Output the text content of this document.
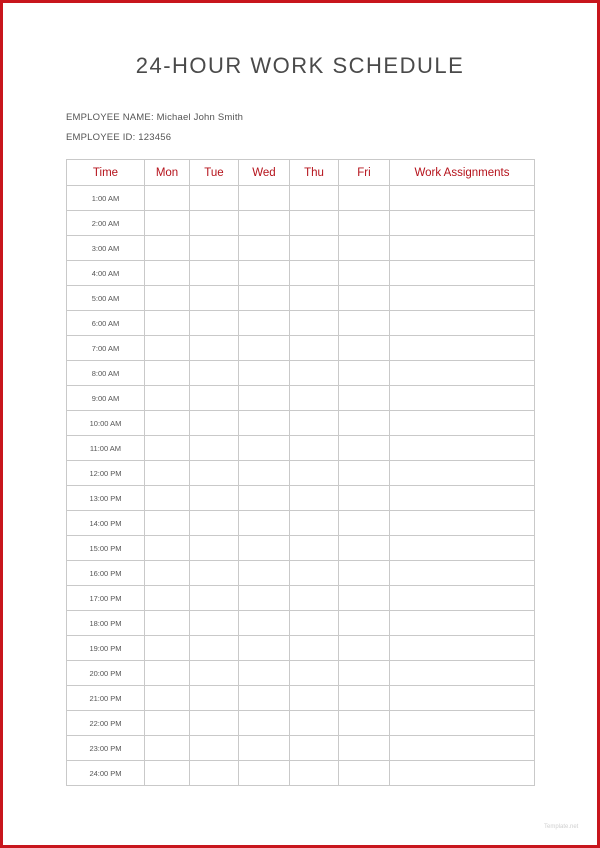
24-HOUR WORK SCHEDULE
EMPLOYEE NAME: Michael John Smith
EMPLOYEE ID: 123456
Time	Mon	Tue	Wed	Thu	Fri	Work Assignments
1:00 AM						
2:00 AM						
3:00 AM						
4:00 AM						
5:00 AM						
6:00 AM						
7:00 AM						
8:00 AM						
9:00 AM						
10:00 AM						
11:00 AM						
12:00 PM						
13:00 PM						
14:00 PM						
15:00 PM						
16:00 PM						
17:00 PM						
18:00 PM						
19:00 PM						
20:00 PM						
21:00 PM						
22:00 PM						
23:00 PM						
24:00 PM						
Template.net
